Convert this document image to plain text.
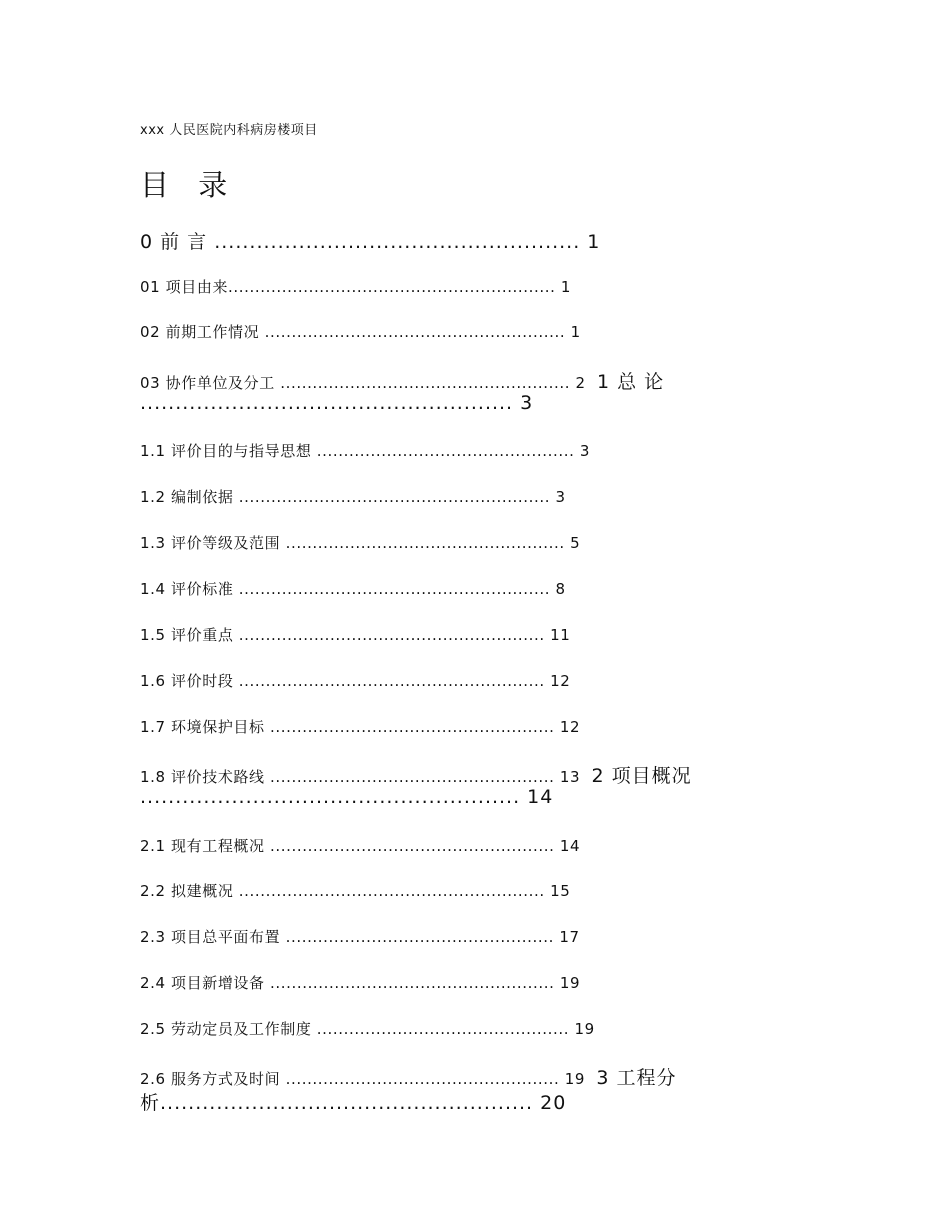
xxx 人民医院内科病房楼项目
目 录
0 前 言 .................................................... 1
01 项目由来............................................................. 1
02 前期工作情况 ........................................................ 1
03 协作单位及分工 ...................................................... 2 1 总 论
..................................................... 3
1.1 评价目的与指导思想 ................................................ 3
1.2 编制依据 .......................................................... 3
1.3 评价等级及范围 .................................................... 5
1.4 评价标准 .......................................................... 8
1.5 评价重点 ......................................................... 11
1.6 评价时段 ......................................................... 12
1.7 环境保护目标 ..................................................... 12
1.8 评价技术路线 ..................................................... 13 2 项目概况
...................................................... 14
2.1 现有工程概况 ..................................................... 14
2.2 拟建概况 ......................................................... 15
2.3 项目总平面布置 .................................................. 17
2.4 项目新增设备 ..................................................... 19
2.5 劳动定员及工作制度 ............................................... 19
2.6 服务方式及时间 ................................................... 19 3 工程分
析..................................................... 20
